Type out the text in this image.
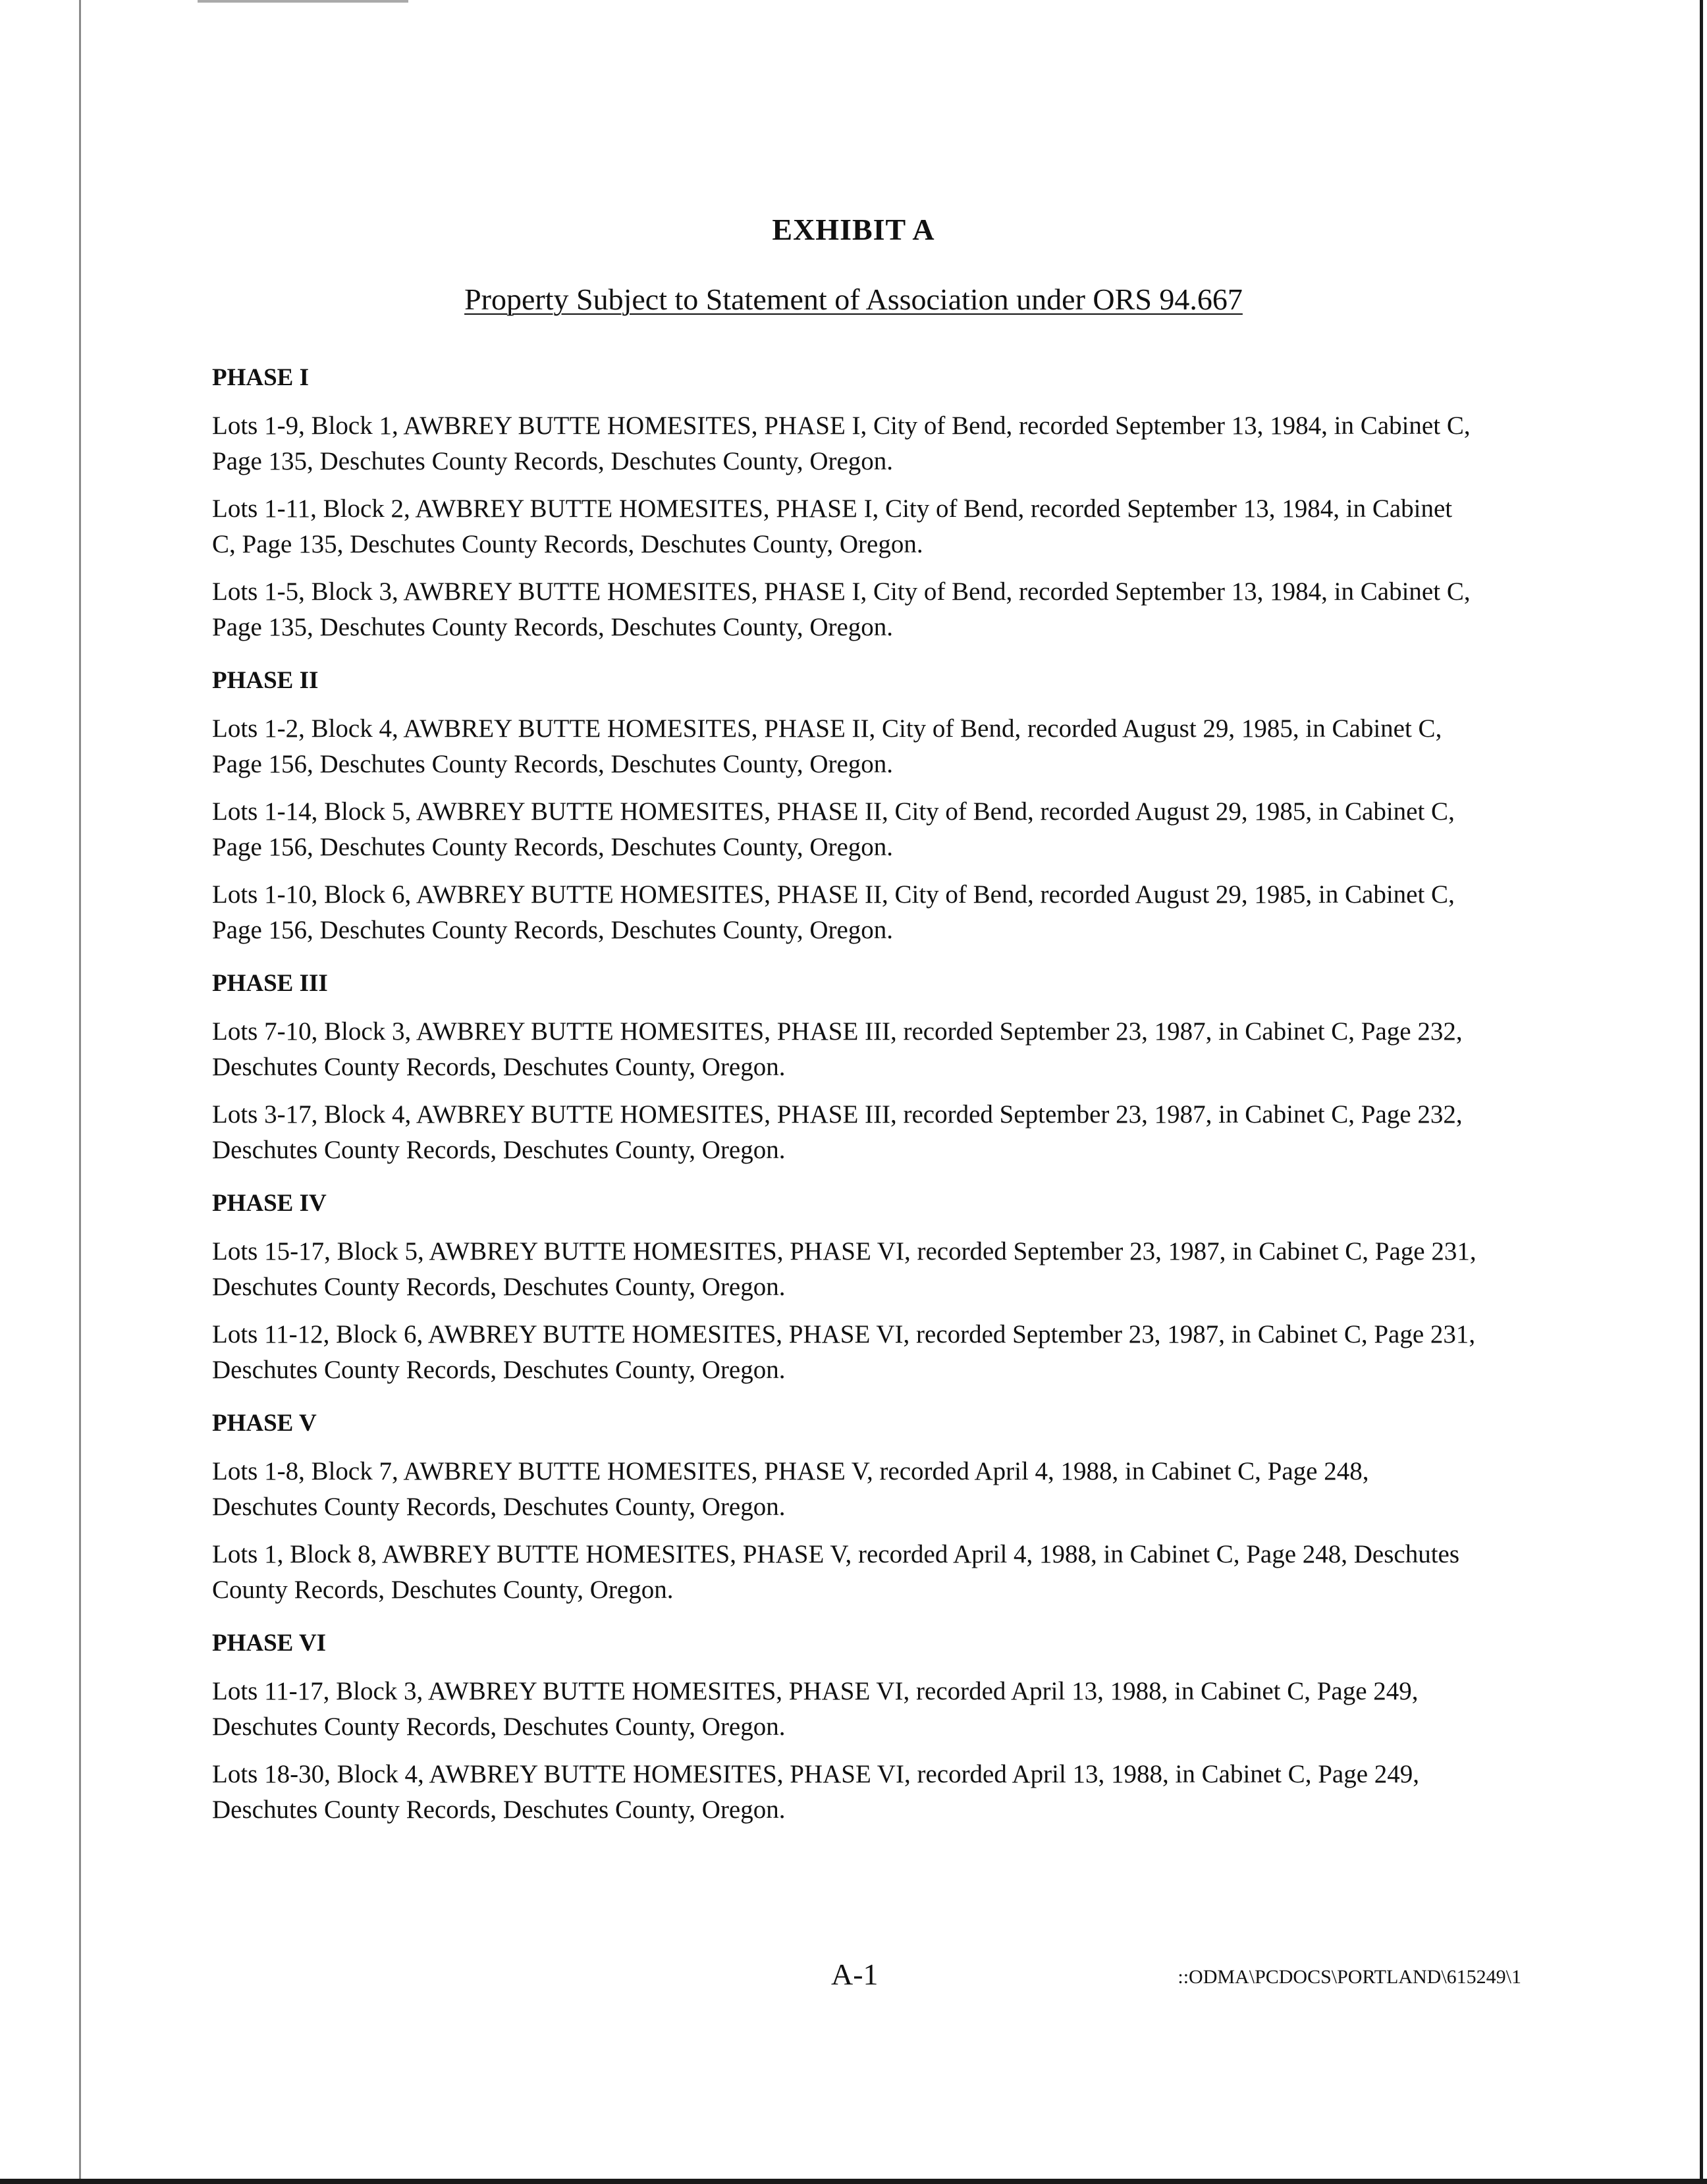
EXHIBIT A
Property Subject to Statement of Association under ORS 94.667
PHASE I
Lots 1-9, Block 1, AWBREY BUTTE HOMESITES, PHASE I, City of Bend, recorded September 13, 1984, in Cabinet C, Page 135, Deschutes County Records, Deschutes County, Oregon.
Lots 1-11, Block 2, AWBREY BUTTE HOMESITES, PHASE I, City of Bend, recorded September 13, 1984, in Cabinet C, Page 135, Deschutes County Records, Deschutes County, Oregon.
Lots 1-5, Block 3, AWBREY BUTTE HOMESITES, PHASE I, City of Bend, recorded September 13, 1984, in Cabinet C, Page 135, Deschutes County Records, Deschutes County, Oregon.
PHASE II
Lots 1-2, Block 4, AWBREY BUTTE HOMESITES, PHASE II, City of Bend, recorded August 29, 1985, in Cabinet C, Page 156, Deschutes County Records, Deschutes County, Oregon.
Lots 1-14, Block 5, AWBREY BUTTE HOMESITES, PHASE II, City of Bend, recorded August 29, 1985, in Cabinet C, Page 156, Deschutes County Records, Deschutes County, Oregon.
Lots 1-10, Block 6, AWBREY BUTTE HOMESITES, PHASE II, City of Bend, recorded August 29, 1985, in Cabinet C, Page 156, Deschutes County Records, Deschutes County, Oregon.
PHASE III
Lots 7-10, Block 3, AWBREY BUTTE HOMESITES, PHASE III, recorded September 23, 1987, in Cabinet C, Page 232, Deschutes County Records, Deschutes County, Oregon.
Lots 3-17, Block 4, AWBREY BUTTE HOMESITES, PHASE III, recorded September 23, 1987, in Cabinet C, Page 232, Deschutes County Records, Deschutes County, Oregon.
PHASE IV
Lots 15-17, Block 5, AWBREY BUTTE HOMESITES, PHASE VI, recorded September 23, 1987, in Cabinet C, Page 231, Deschutes County Records, Deschutes County, Oregon.
Lots 11-12, Block 6, AWBREY BUTTE HOMESITES, PHASE VI, recorded September 23, 1987, in Cabinet C, Page 231, Deschutes County Records, Deschutes County, Oregon.
PHASE V
Lots 1-8, Block 7, AWBREY BUTTE HOMESITES, PHASE V, recorded April 4, 1988, in Cabinet C, Page 248, Deschutes County Records, Deschutes County, Oregon.
Lots 1, Block 8, AWBREY BUTTE HOMESITES, PHASE V, recorded April 4, 1988, in Cabinet C, Page 248, Deschutes County Records, Deschutes County, Oregon.
PHASE VI
Lots 11-17, Block 3, AWBREY BUTTE HOMESITES, PHASE VI, recorded April 13, 1988, in Cabinet C, Page 249, Deschutes County Records, Deschutes County, Oregon.
Lots 18-30, Block 4, AWBREY BUTTE HOMESITES, PHASE VI, recorded April 13, 1988, in Cabinet C, Page 249, Deschutes County Records, Deschutes County, Oregon.
A-1	::ODMA\PCDOCS\PORTLAND\615249\1
